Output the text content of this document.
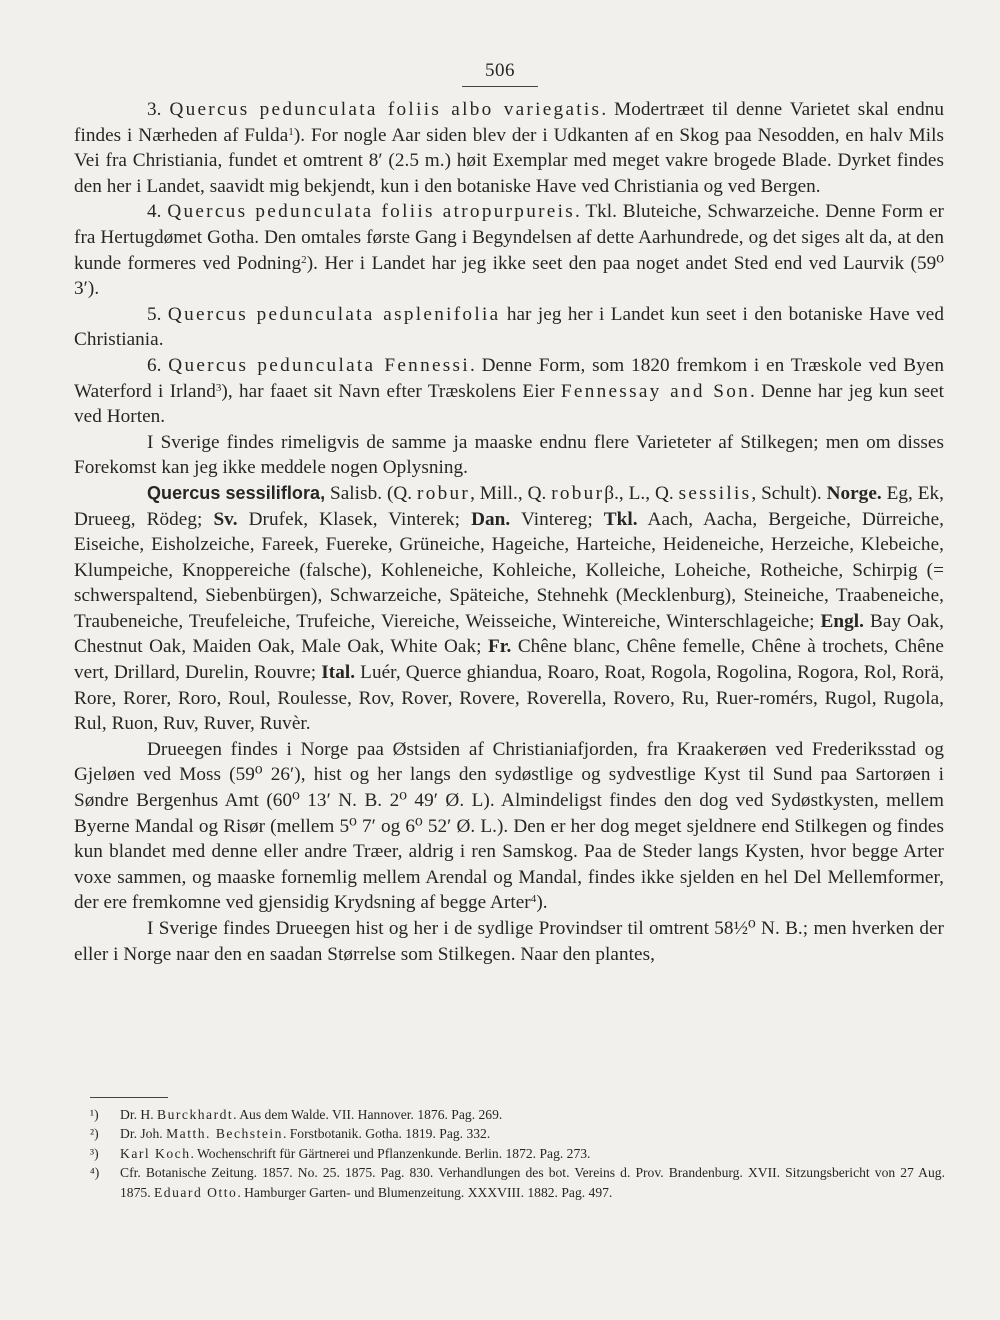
506

3. Quercus pedunculata foliis albo variegatis. Modertræet til denne Varietet skal endnu findes i Nærheden af Fulda$^1$). For nogle Aar siden blev der i Udkanten af en Skog paa Nesodden, en halv Mils Vei fra Christiania, fundet et omtrent 8′ (2.5 m.) høit Exemplar med meget vakre brogede Blade. Dyrket findes den her i Landet, saavidt mig bekjendt, kun i den botaniske Have ved Christiania og ved Bergen.

4. Quercus pedunculata foliis atropurpureis. Tkl. Bluteiche, Schwarzeiche. Denne Form er fra Hertugdømet Gotha. Den omtales første Gang i Begyndelsen af dette Aarhundrede, og det siges alt da, at den kunde formeres ved Podning$^2$). Her i Landet har jeg ikke seet den paa noget andet Sted end ved Laurvik (59⁰ 3′).

5. Quercus pedunculata asplenifolia har jeg her i Landet kun seet i den botaniske Have ved Christiania.

6. Quercus pedunculata Fennessi. Denne Form, som 1820 fremkom i en Træskole ved Byen Waterford i Irland$^3$), har faaet sit Navn efter Træskolens Eier Fennessay and Son. Denne har jeg kun seet ved Horten.

I Sverige findes rimeligvis de samme ja maaske endnu flere Varieteter af Stilkegen; men om disses Forekomst kan jeg ikke meddele nogen Oplysning.

Quercus sessiliflora, Salisb. (Q. robur, Mill., Q. roburβ., L., Q. sessilis, Schult). Norge. Eg, Ek, Drueeg, Rödeg; Sv. Drufek, Klasek, Vinterek; Dan. Vintereg; Tkl. Aach, Aacha, Bergeiche, Dürreiche, Eiseiche, Eisholzeiche, Fareek, Fuereke, Grüneiche, Hageiche, Harteiche, Heideneiche, Herzeiche, Klebeiche, Klumpeiche, Knoppereiche (falsche), Kohleneiche, Kohleiche, Kolleiche, Loheiche, Rotheiche, Schirpig (= schwerspaltend, Siebenbürgen), Schwarzeiche, Späteiche, Stehnehk (Mecklenburg), Steineiche, Traabeneiche, Traubeneiche, Treufeleiche, Trufeiche, Viereiche, Weisseiche, Wintereiche, Winterschlageiche; Engl. Bay Oak, Chestnut Oak, Maiden Oak, Male Oak, White Oak; Fr. Chêne blanc, Chêne femelle, Chêne à trochets, Chêne vert, Drillard, Durelin, Rouvre; Ital. Luér, Querce ghiandua, Roaro, Roat, Rogola, Rogolina, Rogora, Rol, Rorä, Rore, Rorer, Roro, Roul, Roulesse, Rov, Rover, Rovere, Roverella, Rovero, Ru, Ruer-romérs, Rugol, Rugola, Rul, Ruon, Ruv, Ruver, Ruvèr.

Drueegen findes i Norge paa Østsiden af Christianiafjorden, fra Kraakerøen ved Frederiksstad og Gjeløen ved Moss (59⁰ 26′), hist og her langs den sydøstlige og sydvestlige Kyst til Sund paa Sartorøen i Søndre Bergenhus Amt (60⁰ 13′ N. B. 2⁰ 49′ Ø. L). Almindeligst findes den dog ved Sydøstkysten, mellem Byerne Mandal og Risør (mellem 5⁰ 7′ og 6⁰ 52′ Ø. L.). Den er her dog meget sjeldnere end Stilkegen og findes kun blandet med denne eller andre Træer, aldrig i ren Samskog. Paa de Steder langs Kysten, hvor begge Arter voxe sammen, og maaske fornemlig mellem Arendal og Mandal, findes ikke sjelden en hel Del Mellemformer, der ere fremkomne ved gjensidig Krydsning af begge Arter$^4$).

I Sverige findes Drueegen hist og her i de sydlige Provindser til omtrent 58½⁰ N. B.; men hverken der eller i Norge naar den en saadan Størrelse som Stilkegen. Naar den plantes,

¹)	Dr. H. Burckhardt. Aus dem Walde. VII. Hannover. 1876. Pag. 269.
²)	Dr. Joh. Matth. Bechstein. Forstbotanik. Gotha. 1819. Pag. 332.
³)	Karl Koch. Wochenschrift für Gärtnerei und Pflanzenkunde. Berlin. 1872. Pag. 273.
⁴)	Cfr. Botanische Zeitung. 1857. No. 25. 1875. Pag. 830. Verhandlungen des bot. Vereins d. Prov. Brandenburg. XVII. Sitzungsbericht von 27 Aug. 1875. Eduard Otto. Hamburger Garten- und Blumenzeitung. XXXVIII. 1882. Pag. 497.
